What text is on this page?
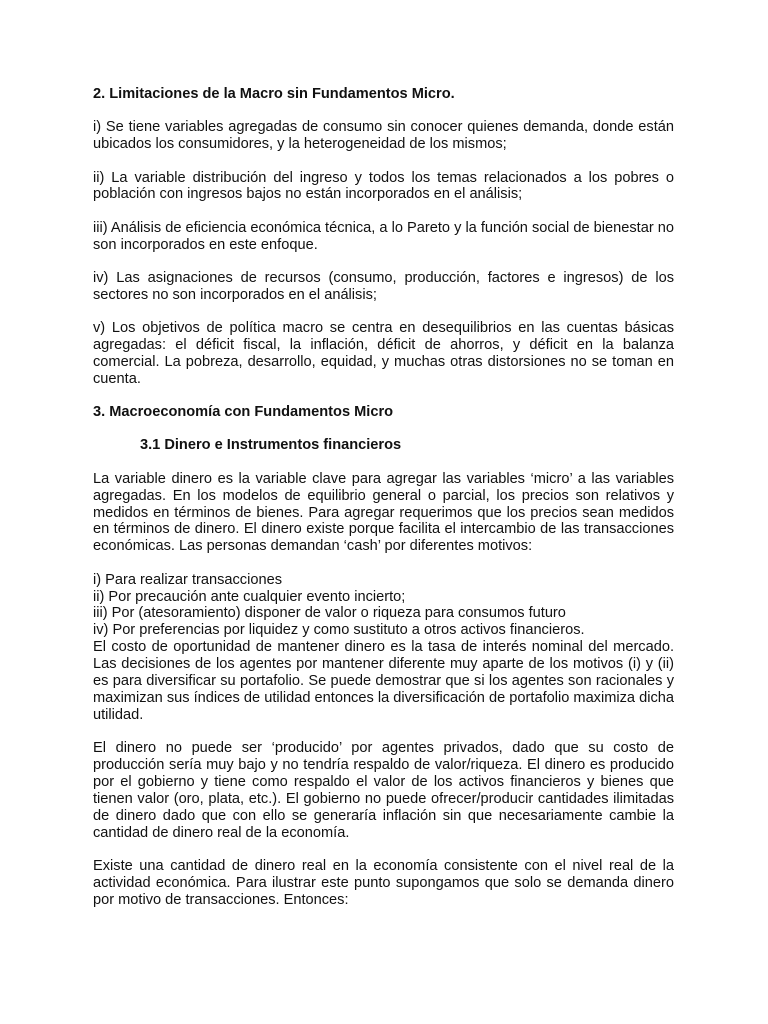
2. Limitaciones de la Macro sin Fundamentos Micro.

i) Se tiene variables agregadas de consumo sin conocer quienes demanda, donde están ubicados los consumidores, y la heterogeneidad de los mismos;

ii) La variable distribución del ingreso y todos los temas relacionados a los pobres o población con ingresos bajos no están incorporados en el análisis;

iii) Análisis de eficiencia económica técnica, a lo Pareto y la función social de bienestar no son incorporados en este enfoque.

iv) Las asignaciones de recursos (consumo, producción, factores e ingresos) de los sectores no son incorporados en el análisis;

v) Los objetivos de política macro se centra en desequilibrios en las cuentas básicas agregadas: el déficit fiscal, la inflación, déficit de ahorros, y déficit en la balanza comercial. La pobreza, desarrollo, equidad, y muchas otras distorsiones no se toman en cuenta.

3. Macroeconomía con Fundamentos Micro
3.1 Dinero e Instrumentos financieros

La variable dinero es la variable clave para agregar las variables ‘micro’ a las variables agregadas. En los modelos de equilibrio general o parcial, los precios son relativos y medidos en términos de bienes. Para agregar requerimos que los precios sean medidos en términos de dinero. El dinero existe porque facilita el intercambio de las transacciones económicas. Las personas demandan ‘cash’ por diferentes motivos:

i) Para realizar transacciones
ii) Por precaución ante cualquier evento incierto;
iii) Por (atesoramiento) disponer de valor o riqueza para consumos futuro
iv) Por preferencias por liquidez y como sustituto a otros activos financieros.

El costo de oportunidad de mantener dinero es la tasa de interés nominal del mercado. Las decisiones de los agentes por mantener diferente muy aparte de los motivos (i) y (ii) es para diversificar su portafolio. Se puede demostrar que si los agentes son racionales y maximizan sus índices de utilidad entonces la diversificación de portafolio maximiza dicha utilidad.

El dinero no puede ser ‘producido’ por agentes privados, dado que su costo de producción sería muy bajo y no tendría respaldo de valor/riqueza. El dinero es producido por el gobierno y tiene como respaldo el valor de los activos financieros y bienes que tienen valor (oro, plata, etc.). El gobierno no puede ofrecer/producir cantidades ilimitadas de dinero dado que con ello se generaría inflación sin que necesariamente cambie la cantidad de dinero real de la economía.

Existe una cantidad de dinero real en la economía consistente con el nivel real de la actividad económica. Para ilustrar este punto supongamos que solo se demanda dinero por motivo de transacciones. Entonces:
